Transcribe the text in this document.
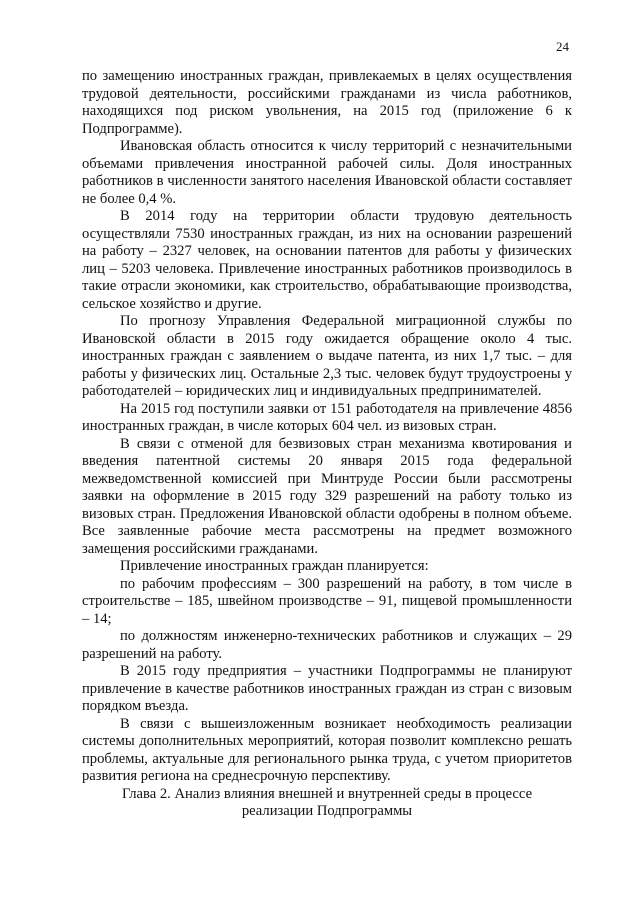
24

по замещению иностранных граждан, привлекаемых в целях осуществления трудовой деятельности, российскими гражданами из числа работников, находящихся под риском увольнения, на 2015 год (приложение 6 к Подпрограмме).

Ивановская область относится к числу территорий с незначительными объемами привлечения иностранной рабочей силы. Доля иностранных работников в численности занятого населения Ивановской области составляет не более 0,4 %.

В 2014 году на территории области трудовую деятельность осуществляли 7530 иностранных граждан, из них на основании разрешений на работу – 2327 человек, на основании патентов для работы у физических лиц – 5203 человека. Привлечение иностранных работников производилось в такие отрасли экономики, как строительство, обрабатывающие производства, сельское хозяйство и другие.

По прогнозу Управления Федеральной миграционной службы по Ивановской области в 2015 году ожидается обращение около 4 тыс. иностранных граждан с заявлением о выдаче патента, из них 1,7 тыс. – для работы у физических лиц. Остальные 2,3 тыс. человек будут трудоустроены у работодателей – юридических лиц и индивидуальных предпринимателей.

На 2015 год поступили заявки от 151 работодателя на привлечение 4856 иностранных граждан, в числе которых 604 чел. из визовых стран.

В связи с отменой для безвизовых стран механизма квотирования и введения патентной системы 20 января 2015 года федеральной межведомственной комиссией при Минтруде России были рассмотрены заявки на оформление в 2015 году 329 разрешений на работу только из визовых стран. Предложения Ивановской области одобрены в полном объеме. Все заявленные рабочие места рассмотрены на предмет возможного замещения российскими гражданами.

Привлечение иностранных граждан планируется:

по рабочим профессиям – 300 разрешений на работу, в том числе в строительстве – 185, швейном производстве – 91, пищевой промышленности – 14;

по должностям инженерно-технических работников и служащих – 29 разрешений на работу.

В 2015 году предприятия – участники Подпрограммы не планируют привлечение в качестве работников иностранных граждан из стран с визовым порядком въезда.

В связи с вышеизложенным возникает необходимость реализации системы дополнительных мероприятий, которая позволит комплексно решать проблемы, актуальные для регионального рынка труда, с учетом приоритетов развития региона на среднесрочную перспективу.

Глава 2. Анализ влияния внешней и внутренней среды в процессе
реализации Подпрограммы
